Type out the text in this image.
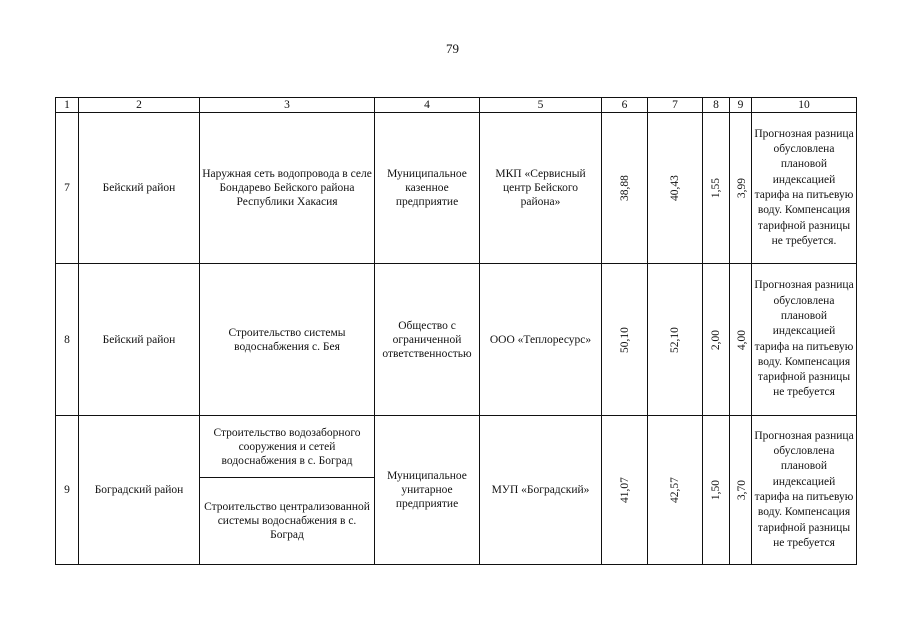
79
1	2	3	4	5	6	7	8	9	10
7	Бейский район	Наружная сеть водопровода в селе Бондарево Бейского района Республики Хакасия	Муниципальное казенное предприятие	МКП «Сервисный центр Бейского района»	38,88	40,43	1,55	3,99	Прогнозная разница обусловлена плановой индексацией тарифа на питьевую воду. Компенсация тарифной разницы не требуется.
8	Бейский район	Строительство системы водоснабжения с. Бея	Общество с ограниченной ответственностью	ООО «Теплоресурс»	50,10	52,10	2,00	4,00	Прогнозная разница обусловлена плановой индексацией тарифа на питьевую воду. Компенсация тарифной разницы не требуется
9	Боградский район	Строительство водозаборного сооружения и сетей водоснабжения в с. Боград	Муниципальное унитарное предприятие	МУП «Боградский»	41,07	42,57	1,50	3,70	Прогнозная разница обусловлена плановой индексацией тарифа на питьевую воду. Компенсация тарифной разницы не требуется
		Строительство централизованной системы водоснабжения в с. Боград							
